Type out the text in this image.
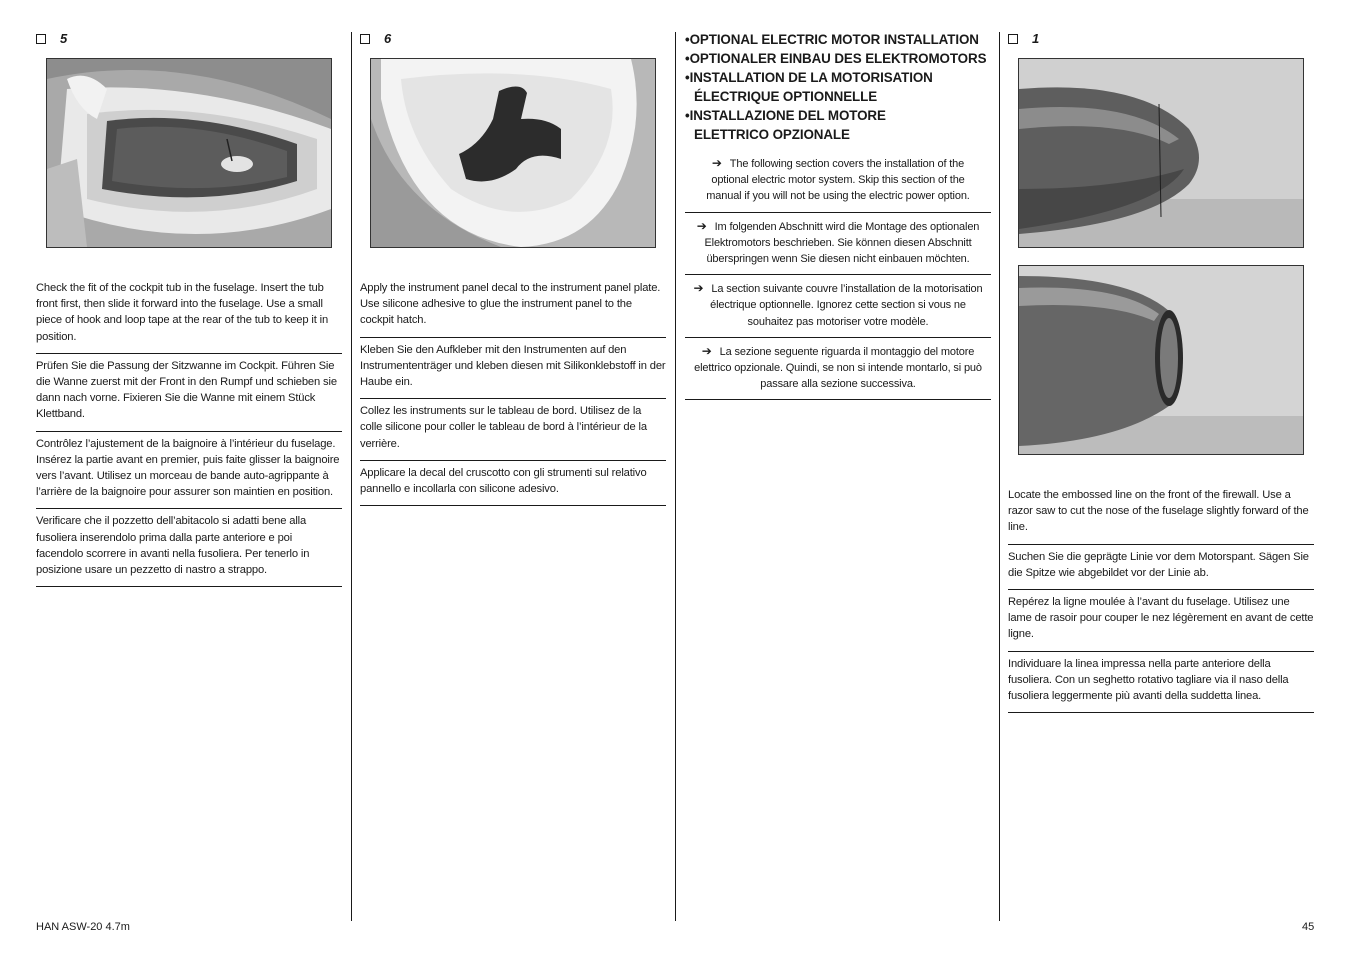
5
Check the fit of the cockpit tub in the fuselage. Insert the tub front first, then slide it forward into the fuselage. Use a small piece of hook and loop tape at the rear of the tub to keep it in position.
Prüfen Sie die Passung der Sitzwanne im Cockpit. Führen Sie die Wanne zuerst mit der Front in den Rumpf und schieben sie dann nach vorne. Fixieren Sie die Wanne mit einem Stück Klettband.
Contrôlez l’ajustement de la baignoire à l’intérieur du fuselage. Insérez la partie avant en premier, puis faite glisser la baignoire vers l’avant. Utilisez un morceau de bande auto-agrippante à l’arrière de la baignoire pour assurer son maintien en position.
Verificare che il pozzetto dell’abitacolo si adatti bene alla fusoliera inserendolo prima dalla parte anteriore e poi facendolo scorrere in avanti nella fusoliera. Per tenerlo in posizione usare un pezzetto di nastro a strappo.
6
Apply the instrument panel decal to the instrument panel plate. Use silicone adhesive to glue the instrument panel to the cockpit hatch.
Kleben Sie den Aufkleber mit den Instrumenten auf den Instrumententräger und kleben diesen mit Silikonklebstoff in der Haube ein.
Collez les instruments sur le tableau de bord. Utilisez de la colle silicone pour coller le tableau de bord à l’intérieur de la verrière.
Applicare la decal del cruscotto con gli strumenti sul relativo pannello e incollarla con silicone adesivo.
•OPTIONAL ELECTRIC MOTOR INSTALLATION
•OPTIONALER EINBAU DES ELEKTROMOTORS
•INSTALLATION DE LA MOTORISATION
ÉLECTRIQUE OPTIONNELLE
•INSTALLAZIONE DEL MOTORE
ELETTRICO OPZIONALE
➔ The following section covers the installation of the optional electric motor system. Skip this section of the manual if you will not be using the electric power option.
➔ Im folgenden Abschnitt wird die Montage des optionalen Elektromotors beschrieben. Sie können diesen Abschnitt überspringen wenn Sie diesen nicht einbauen möchten.
➔ La section suivante couvre l’installation de la motorisation électrique optionnelle. Ignorez cette section si vous ne souhaitez pas motoriser votre modèle.
➔ La sezione seguente riguarda il montaggio del motore elettrico opzionale. Quindi, se non si intende montarlo, si può passare alla sezione successiva.
1
Locate the embossed line on the front of the firewall. Use a razor saw to cut the nose of the fuselage slightly forward of the line.
Suchen Sie die geprägte Linie vor dem Motorspant. Sägen Sie die Spitze wie abgebildet vor der Linie ab.
Repérez la ligne moulée à l’avant du fuselage. Utilisez une lame de rasoir pour couper le nez légèrement en avant de cette ligne.
Individuare la linea impressa nella parte anteriore della fusoliera. Con un seghetto rotativo tagliare via il naso della fusoliera leggermente più avanti della suddetta linea.
HAN ASW-20 4.7m	45
